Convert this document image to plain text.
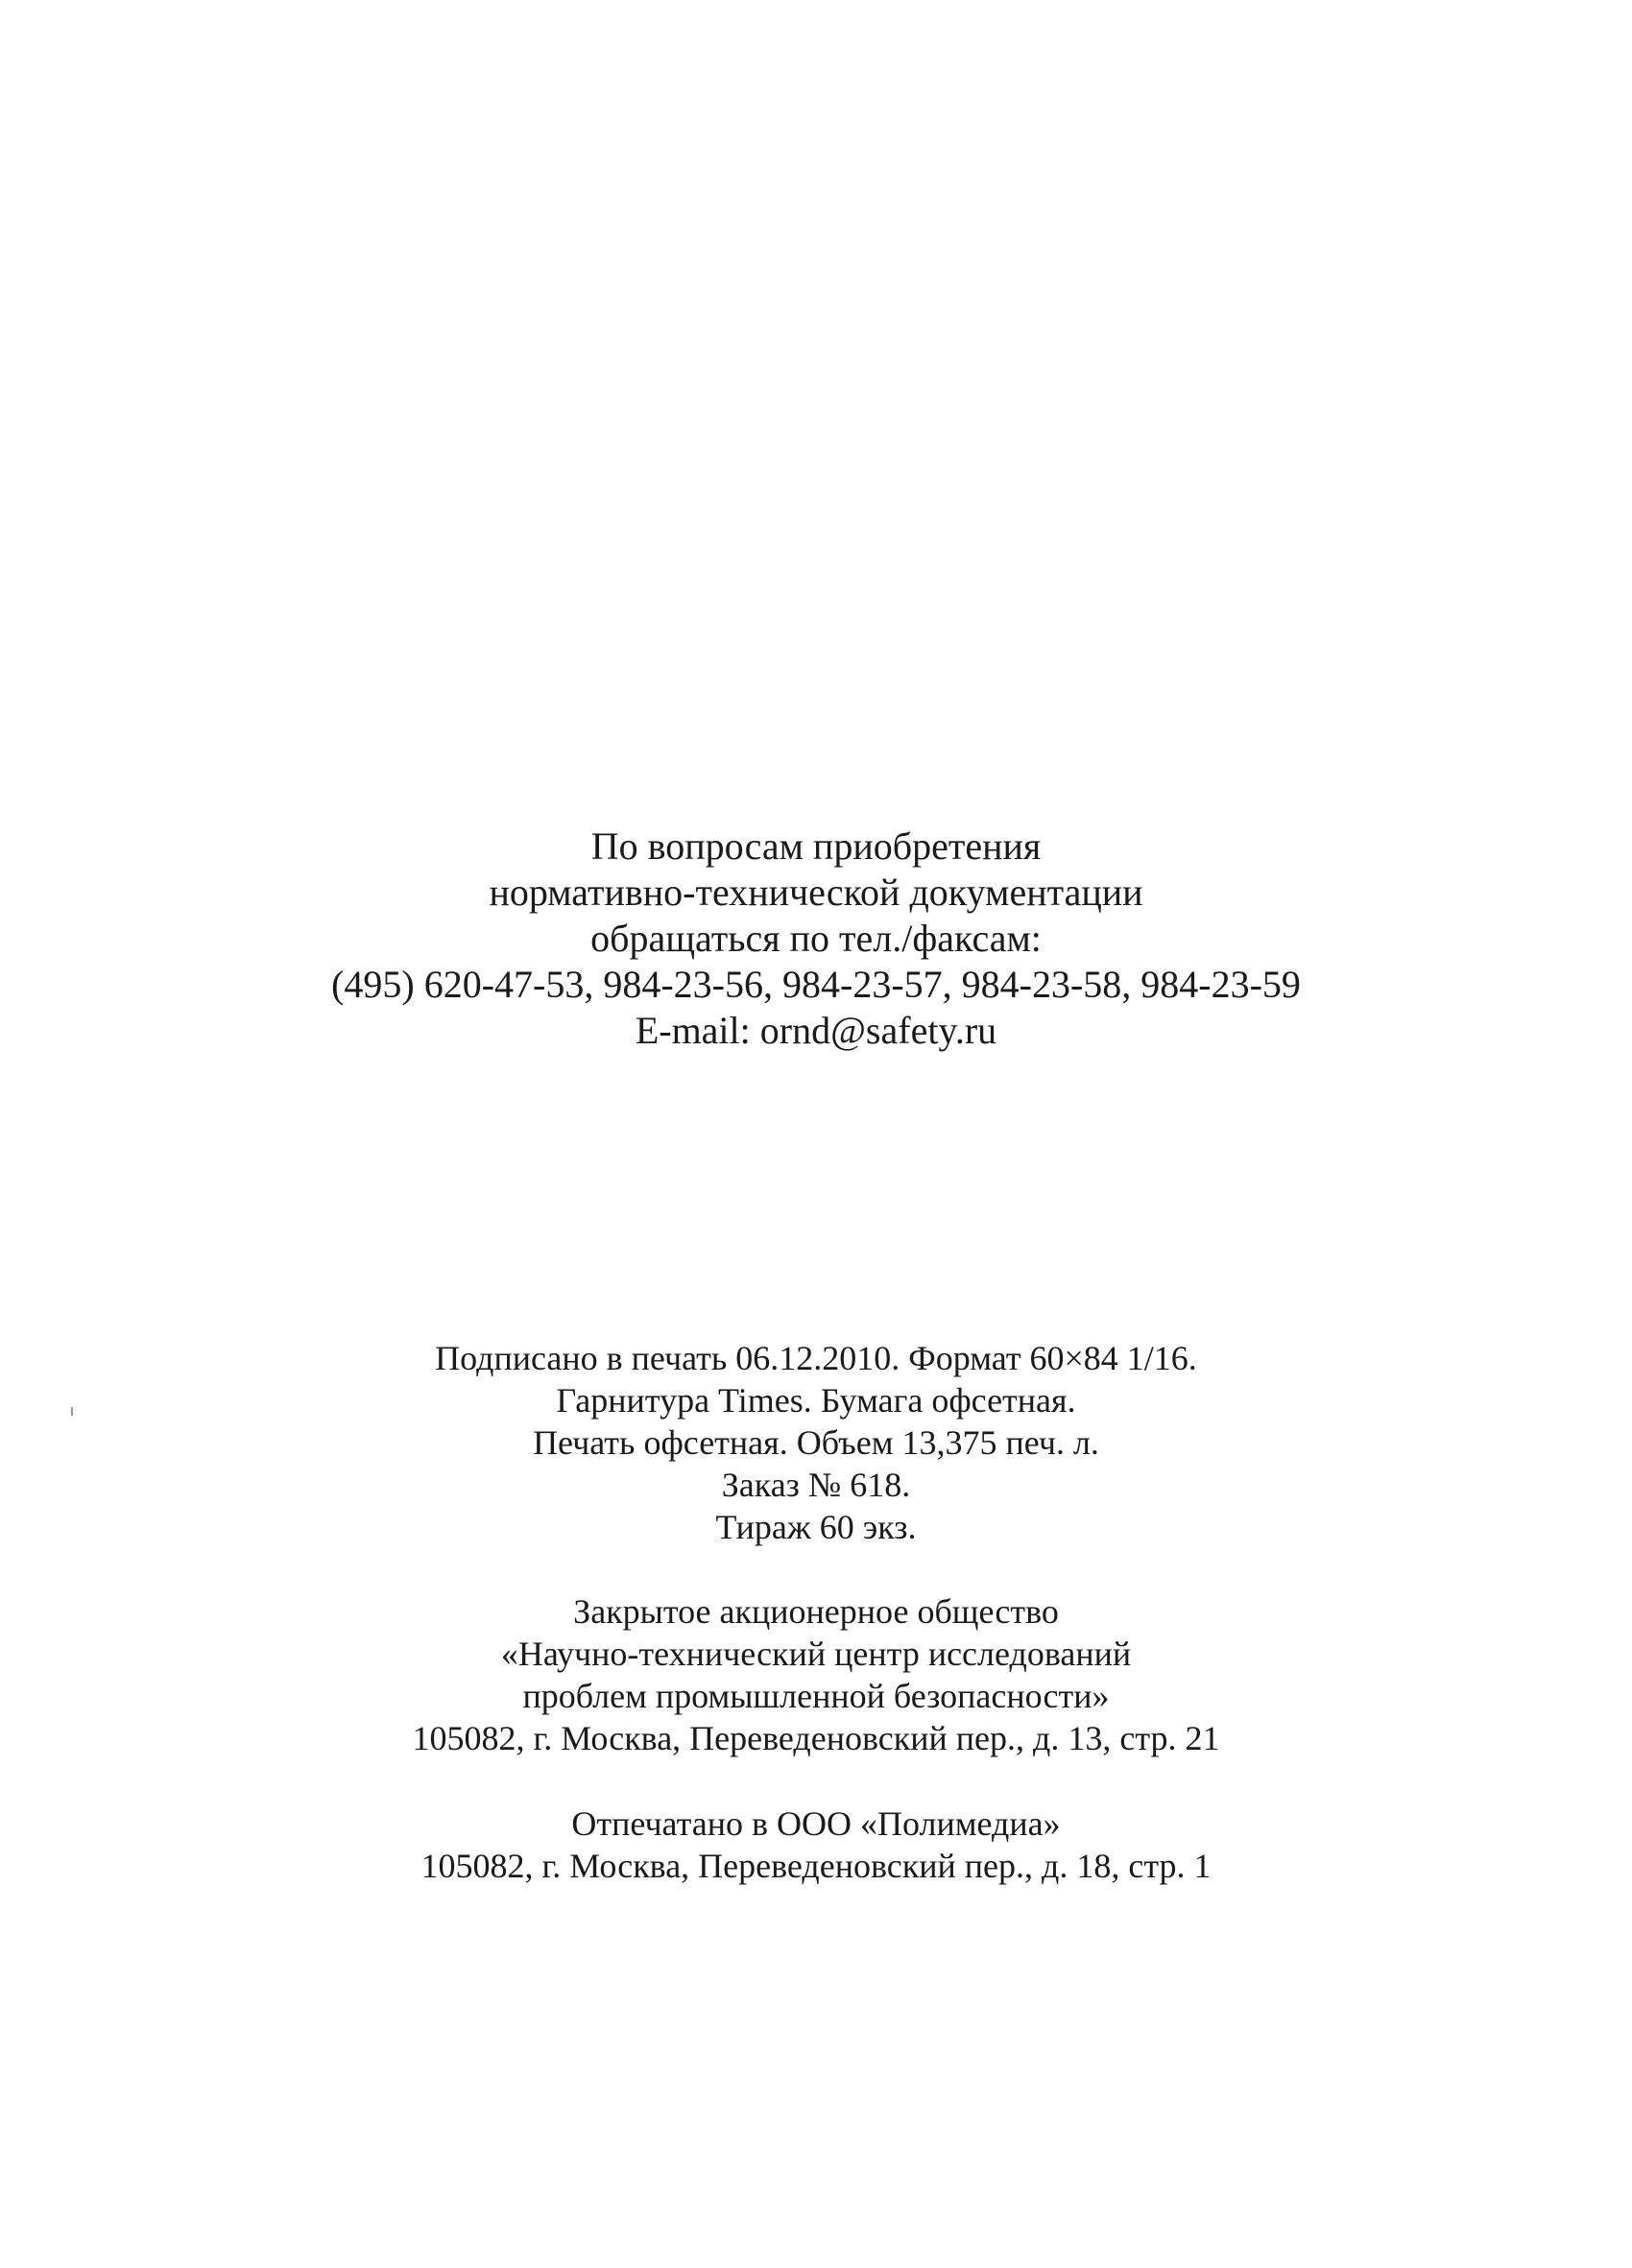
По вопросам приобретения
нормативно-технической документации
обращаться по тел./факсам:
(495) 620-47-53, 984-23-56, 984-23-57, 984-23-58, 984-23-59
E-mail: ornd@safety.ru
Подписано в печать 06.12.2010. Формат 60×84 1/16.
Гарнитура Times. Бумага офсетная.
Печать офсетная. Объем 13,375 печ. л.
Заказ № 618.
Тираж 60 экз.
Закрытое акционерное общество
«Научно-технический центр исследований
проблем промышленной безопасности»
105082, г. Москва, Переведеновский пер., д. 13, стр. 21
Отпечатано в ООО «Полимедиа»
105082, г. Москва, Переведеновский пер., д. 18, стр. 1
